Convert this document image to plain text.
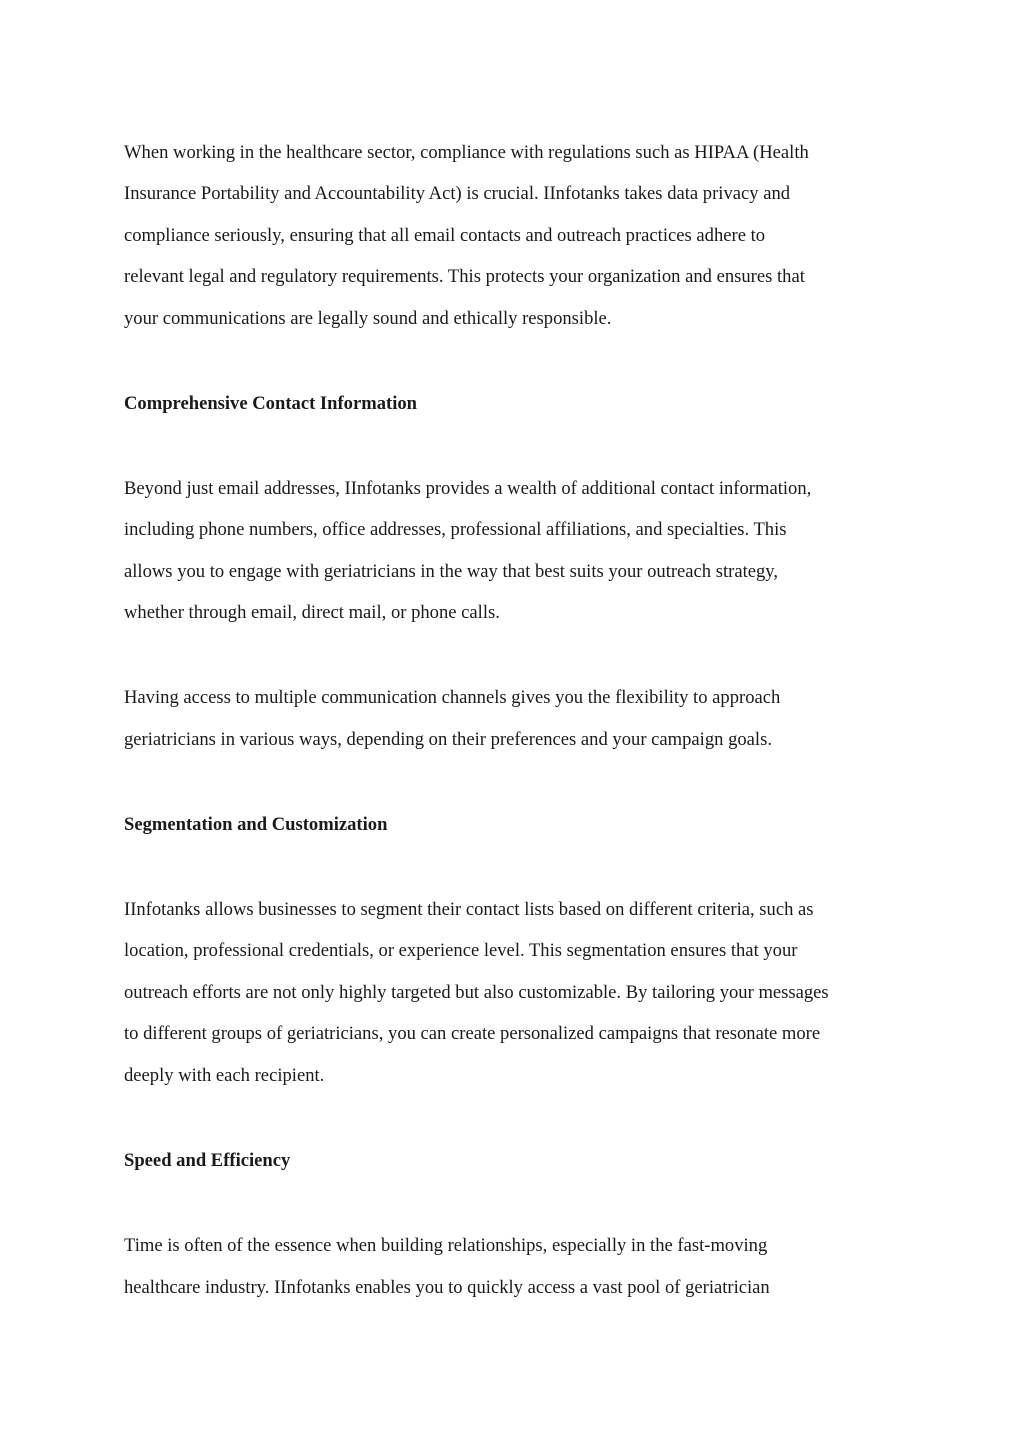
When working in the healthcare sector, compliance with regulations such as HIPAA (Health
Insurance Portability and Accountability Act) is crucial. IInfotanks takes data privacy and
compliance seriously, ensuring that all email contacts and outreach practices adhere to
relevant legal and regulatory requirements. This protects your organization and ensures that
your communications are legally sound and ethically responsible.
Comprehensive Contact Information
Beyond just email addresses, IInfotanks provides a wealth of additional contact information,
including phone numbers, office addresses, professional affiliations, and specialties. This
allows you to engage with geriatricians in the way that best suits your outreach strategy,
whether through email, direct mail, or phone calls.
Having access to multiple communication channels gives you the flexibility to approach
geriatricians in various ways, depending on their preferences and your campaign goals.
Segmentation and Customization
IInfotanks allows businesses to segment their contact lists based on different criteria, such as
location, professional credentials, or experience level. This segmentation ensures that your
outreach efforts are not only highly targeted but also customizable. By tailoring your messages
to different groups of geriatricians, you can create personalized campaigns that resonate more
deeply with each recipient.
Speed and Efficiency
Time is often of the essence when building relationships, especially in the fast-moving
healthcare industry. IInfotanks enables you to quickly access a vast pool of geriatrician
